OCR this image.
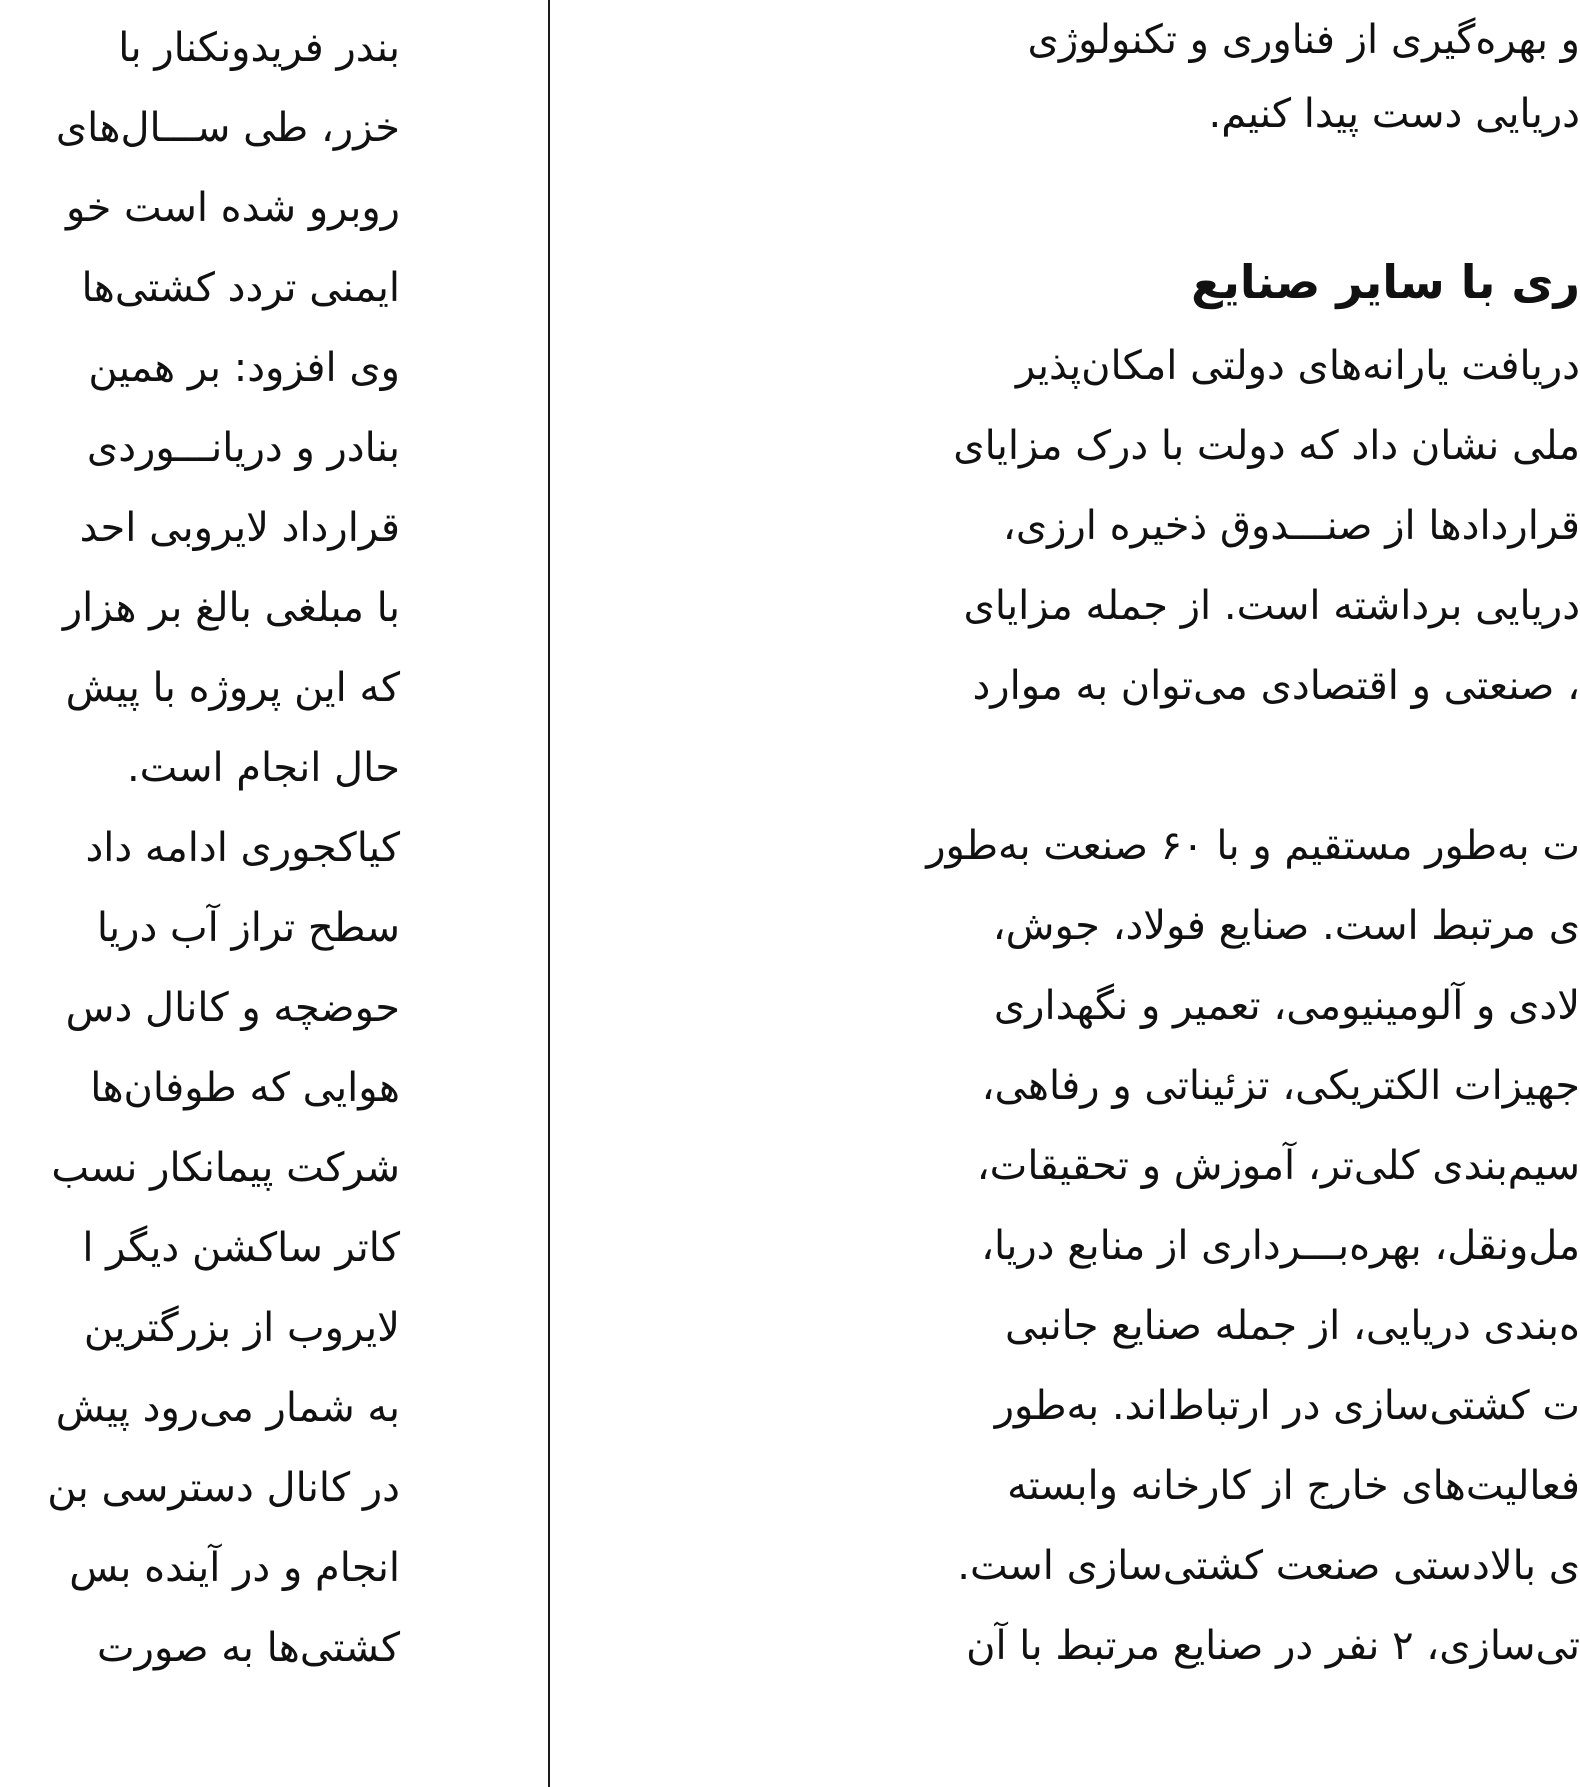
بندر فریدونکنار با
خزر، طی ســـال‌های
روبرو شده است خو
ایمنی تردد کشتی‌ها
وی افزود: بر همین
بنادر و دریانـــوردی
قرارداد لایروبی احد
با مبلغی بالغ بر هزار
که این پروژه با پیش
حال انجام است.
کیاکجوری ادامه داد
سطح تراز آب دریا
حوضچه و کانال دس
هوایی که طوفان‌ها
شرکت پیمانکار نسب
کاتر ساکشن دیگر ا
لایروب از بزرگترین
به شمار می‌رود پیش
در کانال دسترسی بن
انجام و در آینده بس
کشتی‌ها به صورت
و بهره‌گیری از فناوری و تکنولوژی
دریایی دست پیدا کنیم.
ری با سایر صنایع
دریافت یارانه‌های دولتی امکان‌پذیر
ملی نشان داد که دولت با درک مزایای
قراردادها از صنـــدوق ذخیره ارزی،
دریایی برداشته است. از جمله مزایای
، صنعتی و اقتصادی می‌توان به موارد
ت به‌طور مستقیم و با ۶۰ صنعت به‌طور
ی مرتبط است. صنایع فولاد، جوش،
لادی و آلومینیومی، تعمیر و نگهداری
جهیزات الکتریکی، تزئیناتی و رفاهی،
سیم‌بندی کلی‌تر، آموزش و تحقیقات،
مل‌ونقل، بهره‌بـــرداری از منابع دریا،
ه‌بندی دریایی، از جمله صنایع جانبی
ت کشتی‌سازی در ارتباط‌اند. به‌طور
فعالیت‌های خارج از کارخانه وابسته
ی بالادستی صنعت کشتی‌سازی است.
تی‌سازی، ۲ نفر در صنایع مرتبط با آن
